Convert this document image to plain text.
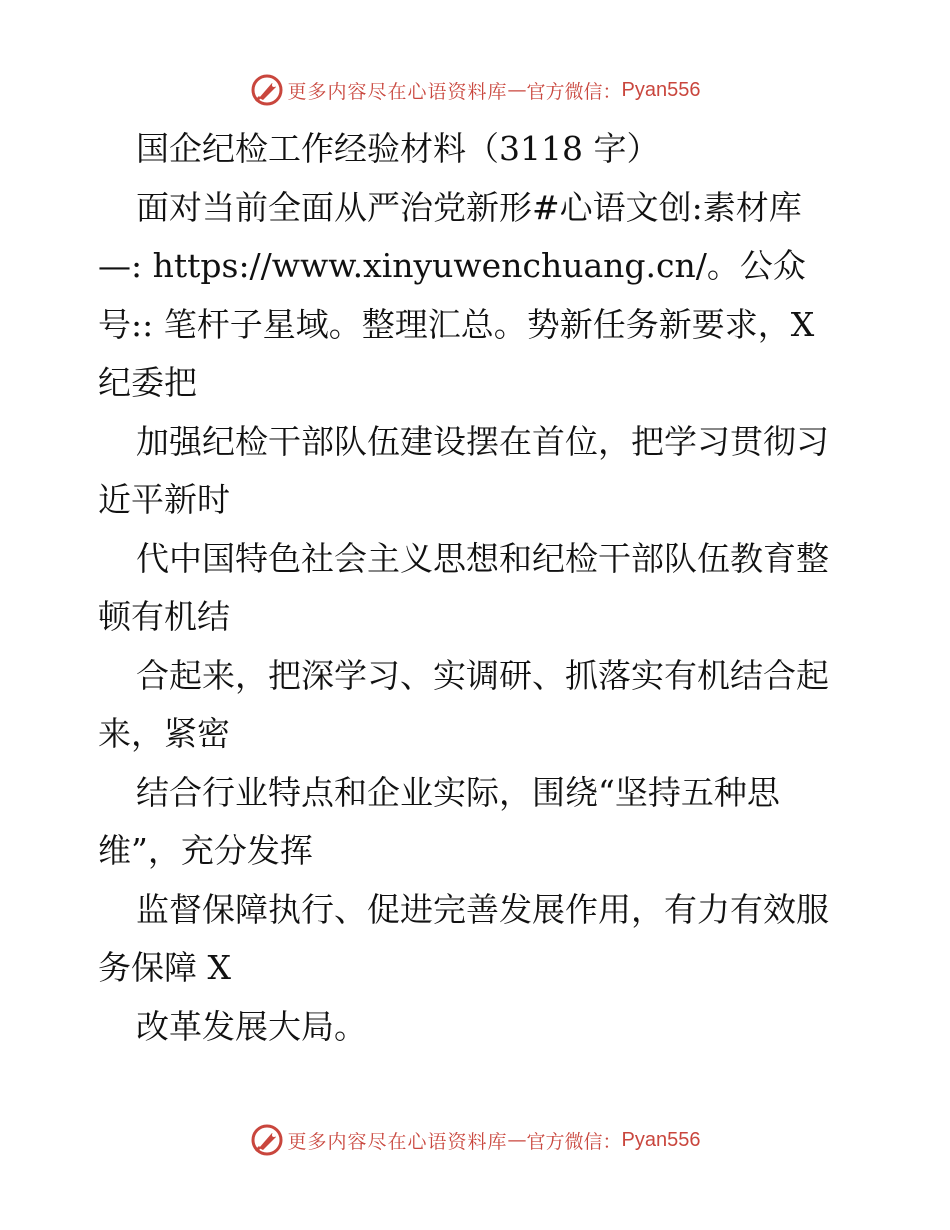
更多内容尽在心语资料库 — 官方微信： Pyan556
国企纪检工作经验材料（3118 字）
面对当前全面从严治党新形#心语文创:素材库
—: https://www.xinyuwenchuang.cn/。公众
号:: 笔杆子星域。整理汇总。势新任务新要求，X
纪委把
加强纪检干部队伍建设摆在首位，把学习贯彻习
近平新时
代中国特色社会主义思想和纪检干部队伍教育整
顿有机结
合起来，把深学习、实调研、抓落实有机结合起
来，紧密
结合行业特点和企业实际，围绕“坚持五种思
维”，充分发挥
监督保障执行、促进完善发展作用，有力有效服
务保障 X
改革发展大局。
更多内容尽在心语资料库 — 官方微信： Pyan556
